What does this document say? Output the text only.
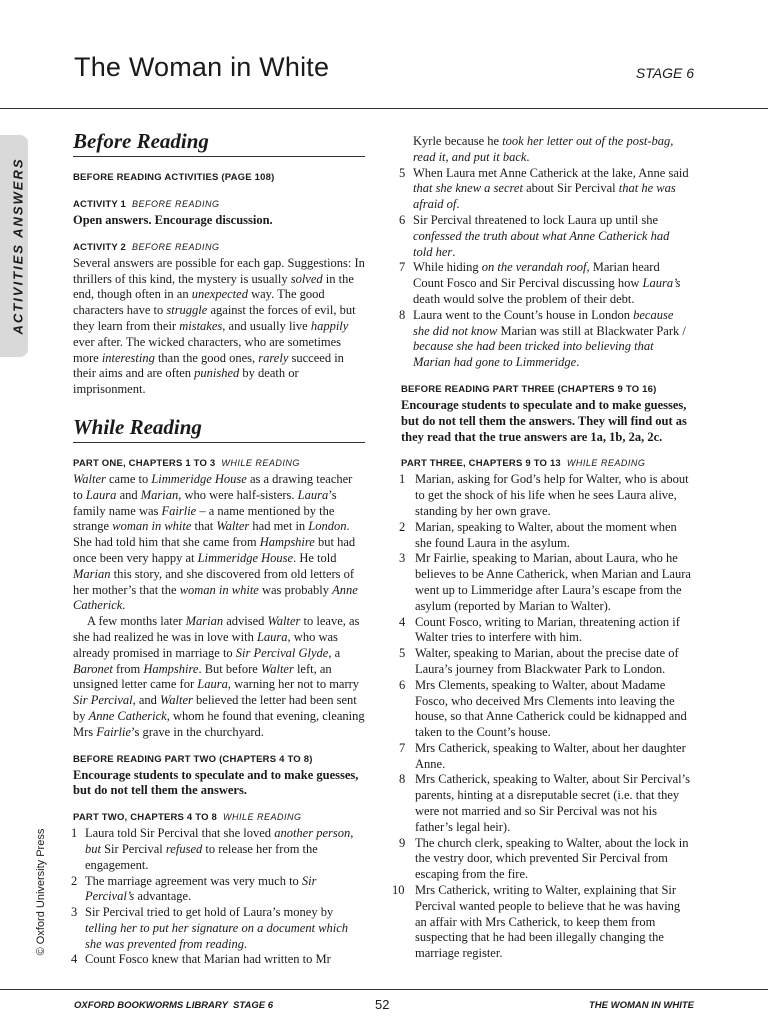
The Woman in White	STAGE 6
ACTIVITIES ANSWERS
© Oxford University Press
Before Reading
BEFORE READING ACTIVITIES (PAGE 108)
ACTIVITY 1 BEFORE READING

Open answers. Encourage discussion.

ACTIVITY 2 BEFORE READING

Several answers are possible for each gap. Suggestions: In thrillers of this kind, the mystery is usually solved in the end, though often in an unexpected way. The good characters have to struggle against the forces of evil, but they learn from their mistakes, and usually live happily ever after. The wicked characters, who are sometimes more interesting than the good ones, rarely succeed in their aims and are often punished by death or imprisonment.

While Reading
PART ONE, CHAPTERS 1 TO 3 WHILE READING

Walter came to Limmeridge House as a drawing teacher to Laura and Marian, who were half-sisters. Laura’s family name was Fairlie – a name mentioned by the strange woman in white that Walter had met in London. She had told him that she came from Hampshire but had once been very happy at Limmeridge House. He told Marian this story, and she discovered from old letters of her mother’s that the woman in white was probably Anne Catherick.

A few months later Marian advised Walter to leave, as she had realized he was in love with Laura, who was already promised in marriage to Sir Percival Glyde, a Baronet from Hampshire. But before Walter left, an unsigned letter came for Laura, warning her not to marry Sir Percival, and Walter believed the letter had been sent by Anne Catherick, whom he found that evening, cleaning Mrs Fairlie’s grave in the churchyard.

BEFORE READING PART TWO (CHAPTERS 4 TO 8)

Encourage students to speculate and to make guesses, but do not tell them the answers.

PART TWO, CHAPTERS 4 TO 8 WHILE READING
1 Laura told Sir Percival that she loved another person, but Sir Percival refused to release her from the engagement.
2 The marriage agreement was very much to Sir Percival’s advantage.
3 Sir Percival tried to get hold of Laura’s money by telling her to put her signature on a document which she was prevented from reading.
4 Count Fosco knew that Marian had written to Mr
Kyrle because he took her letter out of the post-bag, read it, and put it back.
5 When Laura met Anne Catherick at the lake, Anne said that she knew a secret about Sir Percival that he was afraid of.
6 Sir Percival threatened to lock Laura up until she confessed the truth about what Anne Catherick had told her.
7 While hiding on the verandah roof, Marian heard Count Fosco and Sir Percival discussing how Laura’s death would solve the problem of their debt.
8 Laura went to the Count’s house in London because she did not know Marian was still at Blackwater Park / because she had been tricked into believing that Marian had gone to Limmeridge.
BEFORE READING PART THREE (CHAPTERS 9 TO 16)

Encourage students to speculate and to make guesses, but do not tell them the answers. They will find out as they read that the true answers are 1a, 1b, 2a, 2c.

PART THREE, CHAPTERS 9 TO 13 WHILE READING
1 Marian, asking for God’s help for Walter, who is about to get the shock of his life when he sees Laura alive, standing by her own grave.
2 Marian, speaking to Walter, about the moment when she found Laura in the asylum.
3 Mr Fairlie, speaking to Marian, about Laura, who he believes to be Anne Catherick, when Marian and Laura went up to Limmeridge after Laura’s escape from the asylum (reported by Marian to Walter).
4 Count Fosco, writing to Marian, threatening action if Walter tries to interfere with him.
5 Walter, speaking to Marian, about the precise date of Laura’s journey from Blackwater Park to London.
6 Mrs Clements, speaking to Walter, about Madame Fosco, who deceived Mrs Clements into leaving the house, so that Anne Catherick could be kidnapped and taken to the Count’s house.
7 Mrs Catherick, speaking to Walter, about her daughter Anne.
8 Mrs Catherick, speaking to Walter, about Sir Percival’s parents, hinting at a disreputable secret (i.e. that they were not married and so Sir Percival was not his father’s legal heir).
9 The church clerk, speaking to Walter, about the lock in the vestry door, which prevented Sir Percival from escaping from the fire.
10 Mrs Catherick, writing to Walter, explaining that Sir Percival wanted people to believe that he was having an affair with Mrs Catherick, to keep them from suspecting that he had been illegally changing the marriage register.
OXFORD BOOKWORMS LIBRARY  STAGE 6	52	THE WOMAN IN WHITE
